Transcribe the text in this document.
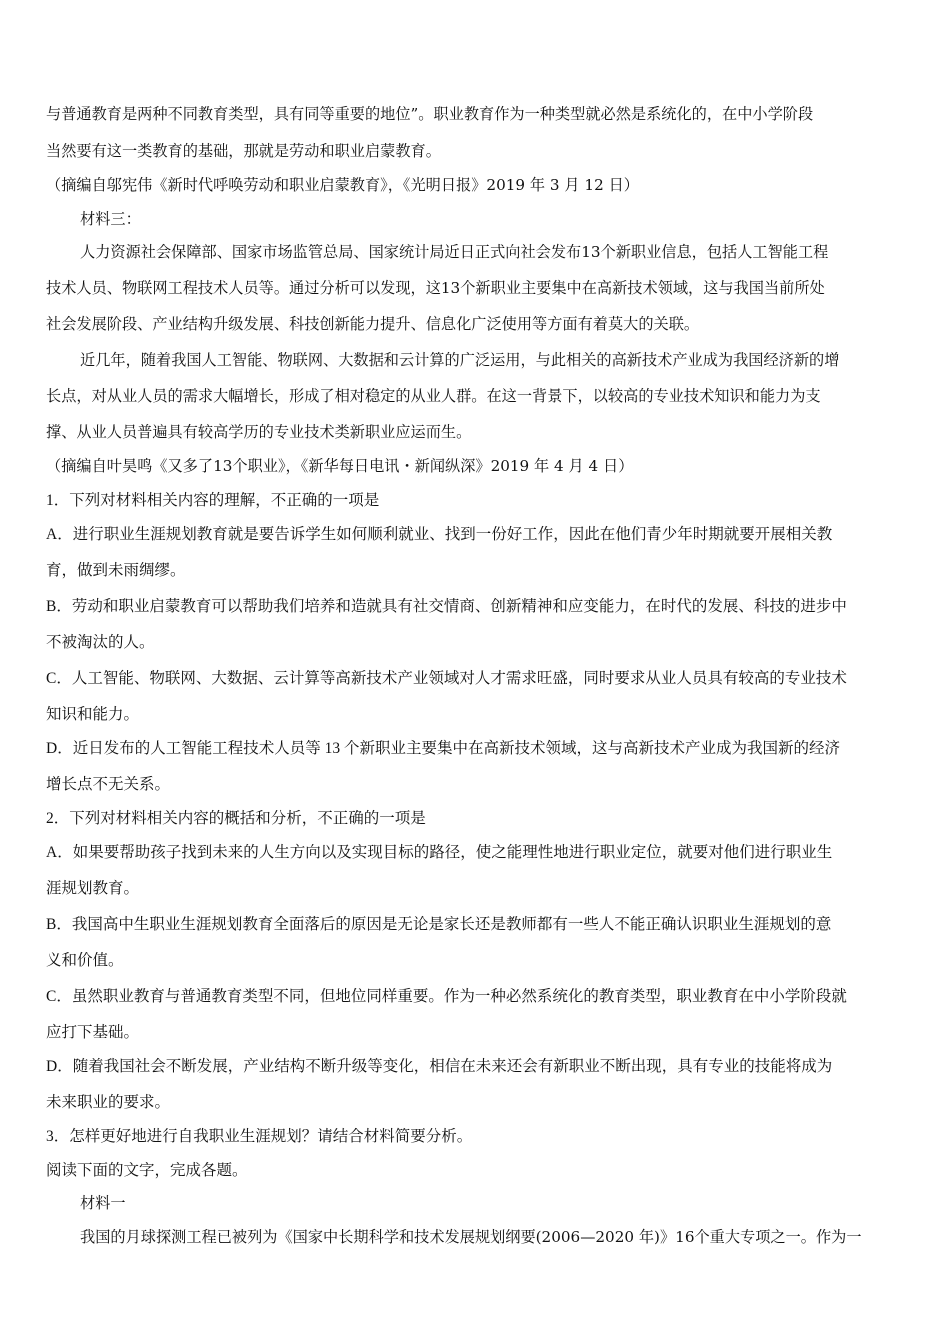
与普通教育是两种不同教育类型，具有同等重要的地位”。职业教育作为一种类型就必然是系统化的，在中小学阶段
当然要有这一类教育的基础，那就是劳动和职业启蒙教育。
（摘编自邬宪伟《新时代呼唤劳动和职业启蒙教育》，《光明日报》2019 年 3 月 12 日）
材料三：
人力资源社会保障部、国家市场监管总局、国家统计局近日正式向社会发布13个新职业信息，包括人工智能工程
技术人员、物联网工程技术人员等。通过分析可以发现，这13个新职业主要集中在高新技术领域，这与我国当前所处
社会发展阶段、产业结构升级发展、科技创新能力提升、信息化广泛使用等方面有着莫大的关联。
近几年，随着我国人工智能、物联网、大数据和云计算的广泛运用，与此相关的高新技术产业成为我国经济新的增
长点，对从业人员的需求大幅增长，形成了相对稳定的从业人群。在这一背景下，以较高的专业技术知识和能力为支
撑、从业人员普遍具有较高学历的专业技术类新职业应运而生。
（摘编自叶昊鸣《又多了13个职业》，《新华每日电讯・新闻纵深》2019 年 4 月 4 日）
1．下列对材料相关内容的理解，不正确的一项是
A．进行职业生涯规划教育就是要告诉学生如何顺利就业、找到一份好工作，因此在他们青少年时期就要开展相关教
育，做到未雨绸缪。
B．劳动和职业启蒙教育可以帮助我们培养和造就具有社交情商、创新精神和应变能力，在时代的发展、科技的进步中
不被淘汰的人。
C．人工智能、物联网、大数据、云计算等高新技术产业领域对人才需求旺盛，同时要求从业人员具有较高的专业技术
知识和能力。
D．近日发布的人工智能工程技术人员等 13 个新职业主要集中在高新技术领域，这与高新技术产业成为我国新的经济
增长点不无关系。
2．下列对材料相关内容的概括和分析，不正确的一项是
A．如果要帮助孩子找到未来的人生方向以及实现目标的路径，使之能理性地进行职业定位，就要对他们进行职业生
涯规划教育。
B．我国高中生职业生涯规划教育全面落后的原因是无论是家长还是教师都有一些人不能正确认识职业生涯规划的意
义和价值。
C．虽然职业教育与普通教育类型不同，但地位同样重要。作为一种必然系统化的教育类型，职业教育在中小学阶段就
应打下基础。
D．随着我国社会不断发展，产业结构不断升级等变化，相信在未来还会有新职业不断出现，具有专业的技能将成为
未来职业的要求。
3．怎样更好地进行自我职业生涯规划？请结合材料简要分析。
阅读下面的文字，完成各题。
材料一
我国的月球探测工程已被列为《国家中长期科学和技术发展规划纲要(2006—2020 年)》16个重大专项之一。作为一
